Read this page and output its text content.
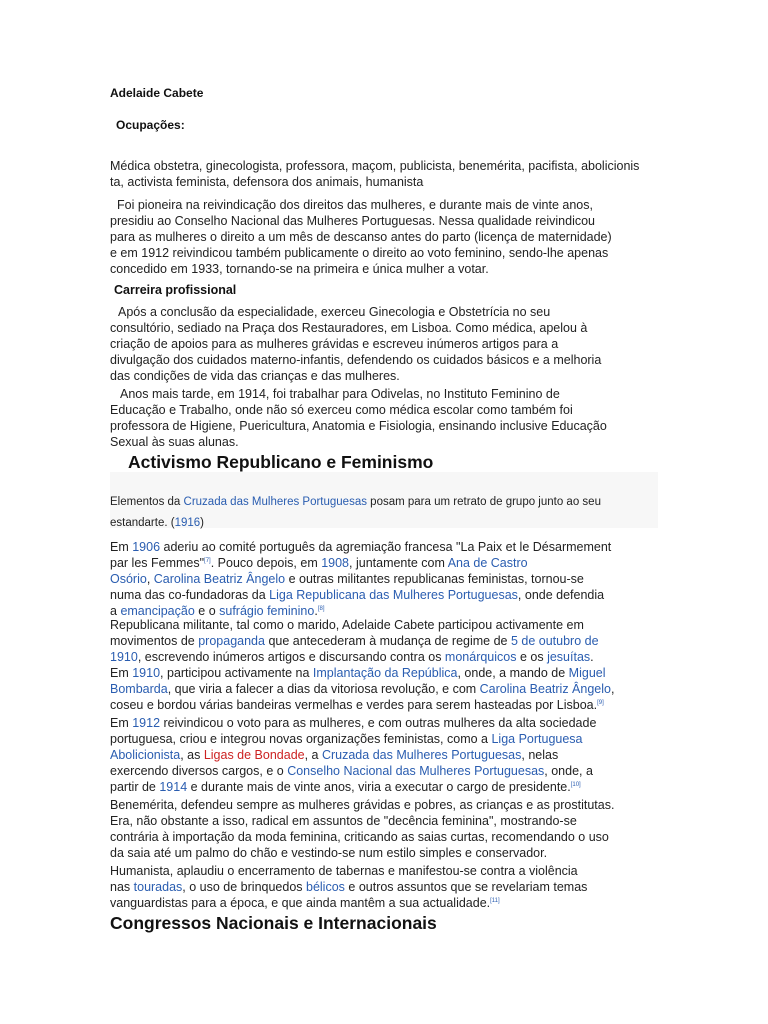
Adelaide Cabete
Ocupações:
Médica obstetra, ginecologista, professora, maçom, publicista, benemérita, pacifista, abolicionis
ta, activista feminista, defensora dos animais, humanista
Foi pioneira na reivindicação dos direitos das mulheres, e durante mais de vinte anos,
presidiu ao Conselho Nacional das Mulheres Portuguesas. Nessa qualidade reivindicou
para as mulheres o direito a um mês de descanso antes do parto (licença de maternidade)
e em 1912 reivindicou também publicamente o direito ao voto feminino, sendo-lhe apenas
concedido em 1933, tornando-se na primeira e única mulher a votar.
Carreira profissional
Após a conclusão da especialidade, exerceu Ginecologia e Obstetrícia no seu
consultório, sediado na Praça dos Restauradores, em Lisboa. Como médica, apelou à
criação de apoios para as mulheres grávidas e escreveu inúmeros artigos para a
divulgação dos cuidados materno-infantis, defendendo os cuidados básicos e a melhoria
das condições de vida das crianças e das mulheres.
Anos mais tarde, em 1914, foi trabalhar para Odivelas, no Instituto Feminino de
Educação e Trabalho, onde não só exerceu como médica escolar como também foi
professora de Higiene, Puericultura, Anatomia e Fisiologia, ensinando inclusive Educação
Sexual às suas alunas.
Activismo Republicano e Feminismo
Elementos da Cruzada das Mulheres Portuguesas posam para um retrato de grupo junto ao seu
estandarte. (1916)
Em 1906 aderiu ao comité português da agremiação francesa "La Paix et le Désarmement
par les Femmes"[7]. Pouco depois, em 1908, juntamente com Ana de Castro
Osório, Carolina Beatriz Ângelo e outras militantes republicanas feministas, tornou-se
numa das co-fundadoras da Liga Republicana das Mulheres Portuguesas, onde defendia
a emancipação e o sufrágio feminino.[8]
Republicana militante, tal como o marido, Adelaide Cabete participou activamente em
movimentos de propaganda que antecederam à mudança de regime de 5 de outubro de
1910, escrevendo inúmeros artigos e discursando contra os monárquicos e os jesuítas.
Em 1910, participou activamente na Implantação da República, onde, a mando de Miguel
Bombarda, que viria a falecer a dias da vitoriosa revolução, e com Carolina Beatriz Ângelo,
coseu e bordou várias bandeiras vermelhas e verdes para serem hasteadas por Lisboa.[9]
Em 1912 reivindicou o voto para as mulheres, e com outras mulheres da alta sociedade
portuguesa, criou e integrou novas organizações feministas, como a Liga Portuguesa
Abolicionista, as Ligas de Bondade, a Cruzada das Mulheres Portuguesas, nelas
exercendo diversos cargos, e o Conselho Nacional das Mulheres Portuguesas, onde, a
partir de 1914 e durante mais de vinte anos, viria a executar o cargo de presidente.[10]
Benemérita, defendeu sempre as mulheres grávidas e pobres, as crianças e as prostitutas.
Era, não obstante a isso, radical em assuntos de "decência feminina", mostrando-se
contrária à importação da moda feminina, criticando as saias curtas, recomendando o uso
da saia até um palmo do chão e vestindo-se num estilo simples e conservador.
Humanista, aplaudiu o encerramento de tabernas e manifestou-se contra a violência
nas touradas, o uso de brinquedos bélicos e outros assuntos que se revelariam temas
vanguardistas para a época, e que ainda mantêm a sua actualidade.[11]
Congressos Nacionais e Internacionais
